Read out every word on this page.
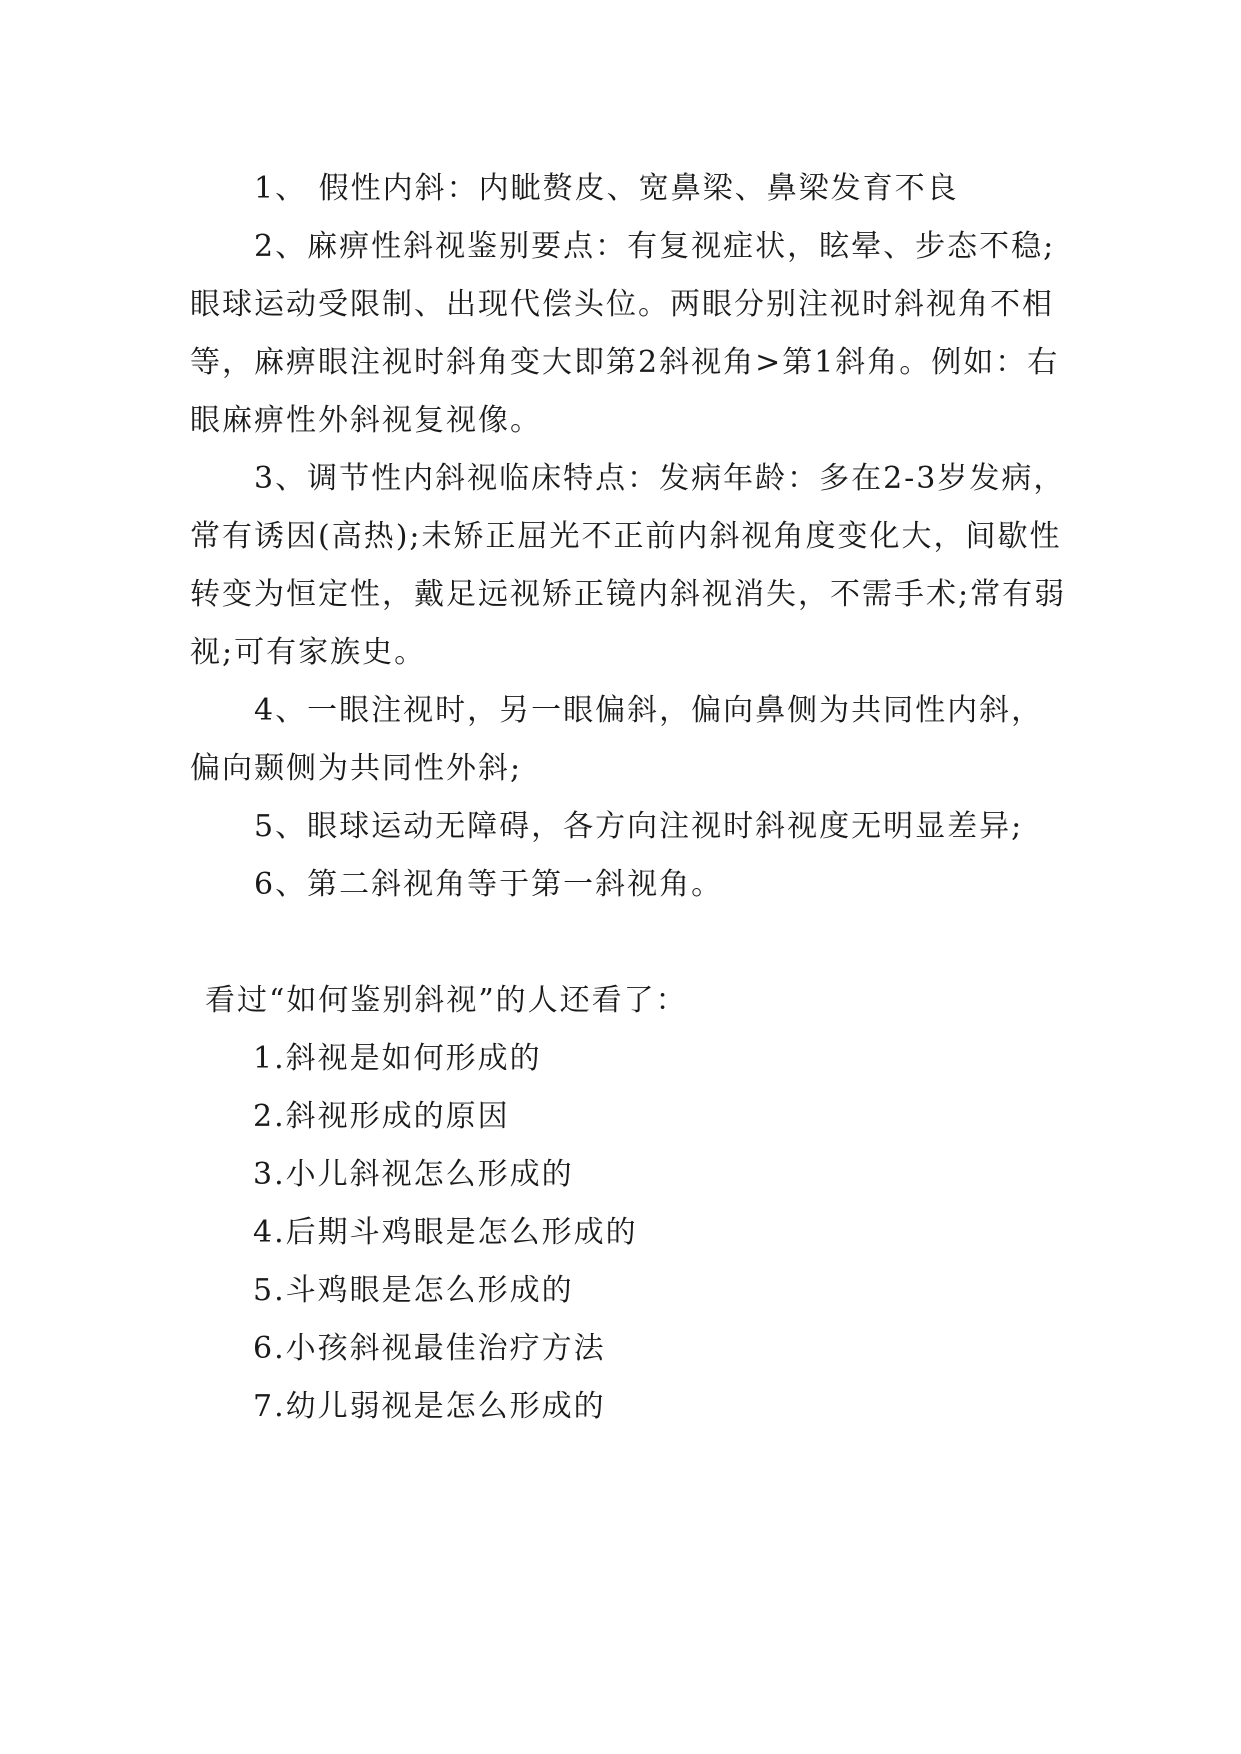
1、 假性内斜：内眦赘皮、宽鼻梁、鼻梁发育不良

2、麻痹性斜视鉴别要点：有复视症状，眩晕、步态不稳;眼球运动受限制、出现代偿头位。两眼分别注视时斜视角不相等，麻痹眼注视时斜角变大即第2斜视角>第1斜角。例如：右眼麻痹性外斜视复视像。

3、调节性内斜视临床特点：发病年龄：多在2-3岁发病，常有诱因(高热);未矫正屈光不正前内斜视角度变化大，间歇性转变为恒定性，戴足远视矫正镜内斜视消失，不需手术;常有弱视;可有家族史。

4、一眼注视时，另一眼偏斜，偏向鼻侧为共同性内斜，偏向颞侧为共同性外斜;

5、眼球运动无障碍，各方向注视时斜视度无明显差异;

6、第二斜视角等于第一斜视角。

看过“如何鉴别斜视”的人还看了：

1.斜视是如何形成的
2.斜视形成的原因
3.小儿斜视怎么形成的
4.后期斗鸡眼是怎么形成的
5.斗鸡眼是怎么形成的
6.小孩斜视最佳治疗方法
7.幼儿弱视是怎么形成的
